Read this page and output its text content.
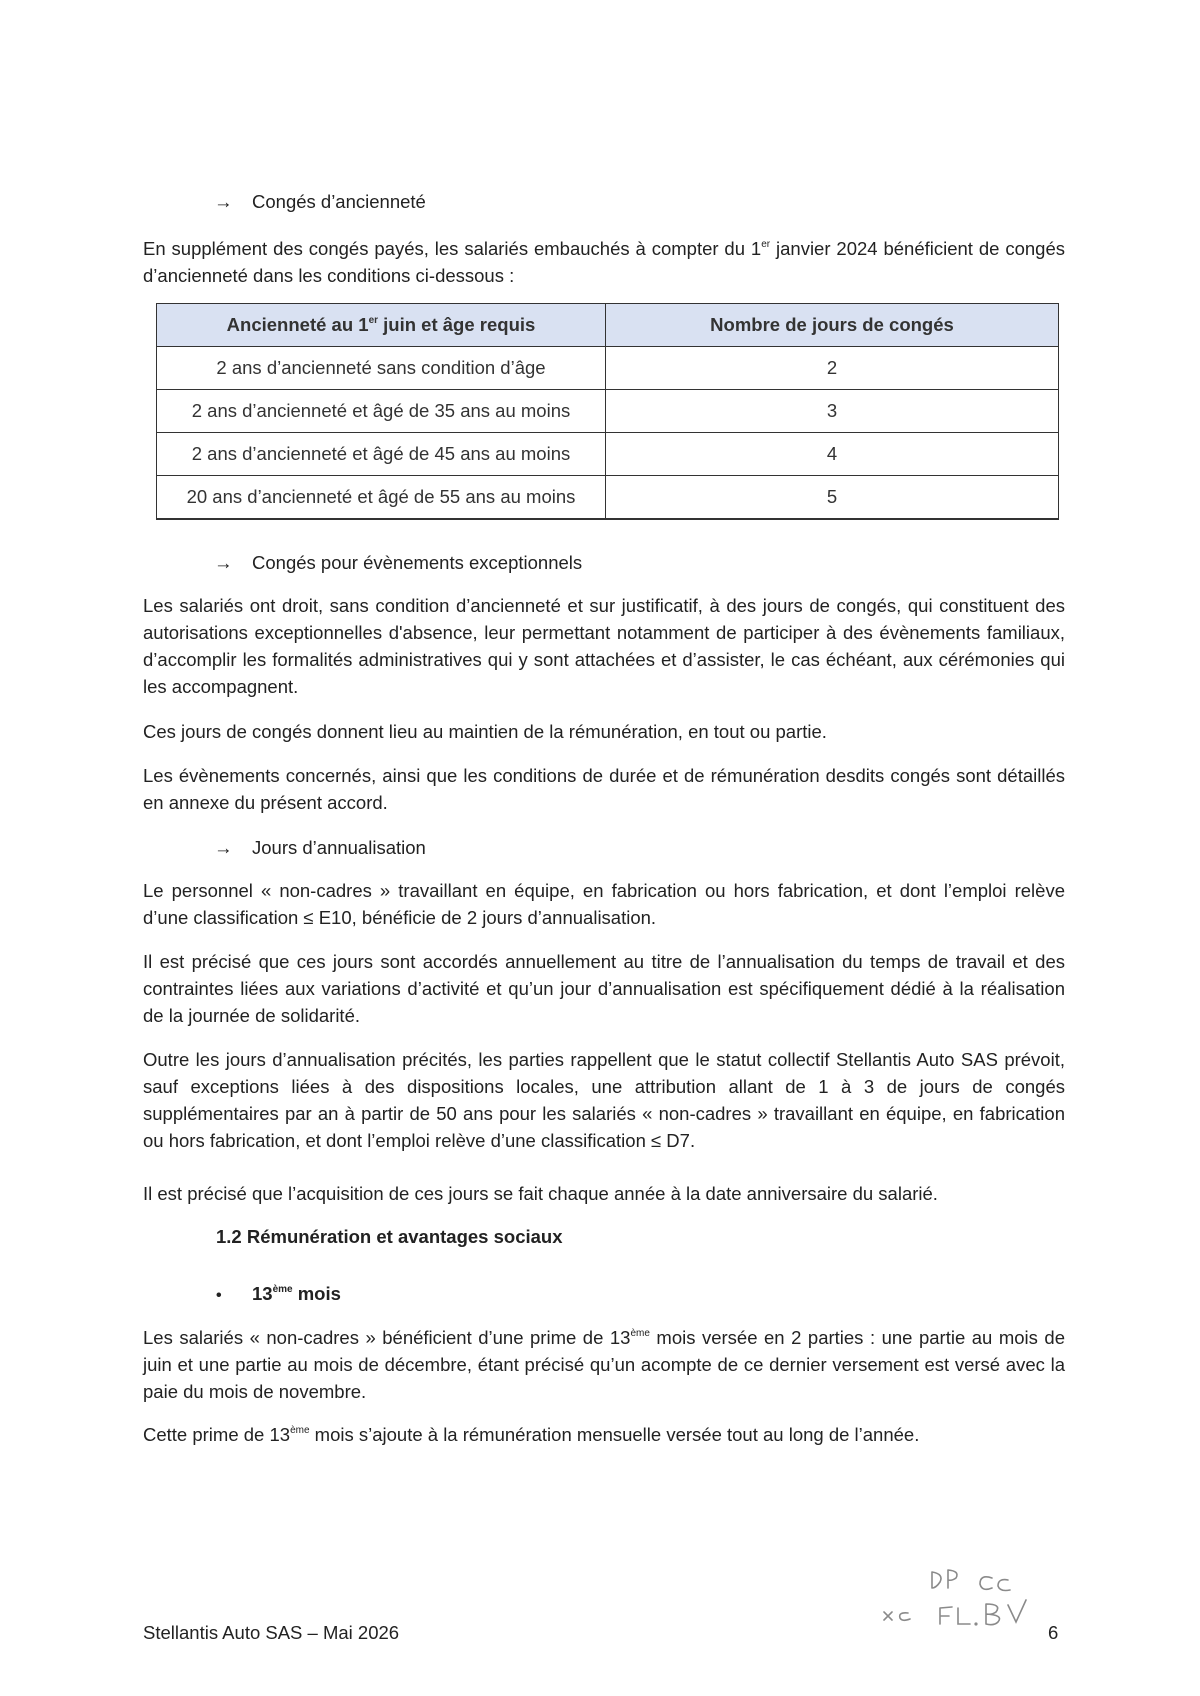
→ Congés d’ancienneté
En supplément des congés payés, les salariés embauchés à compter du 1er janvier 2024 bénéficient de congés d’ancienneté dans les conditions ci-dessous :
Ancienneté au 1er juin et âge requis	Nombre de jours de congés
2 ans d’ancienneté sans condition d’âge	2
2 ans d’ancienneté et âgé de 35 ans au moins	3
2 ans d’ancienneté et âgé de 45 ans au moins	4
20 ans d’ancienneté et âgé de 55 ans au moins	5
→ Congés pour évènements exceptionnels
Les salariés ont droit, sans condition d’ancienneté et sur justificatif, à des jours de congés, qui constituent des autorisations exceptionnelles d'absence, leur permettant notamment de participer à des évènements familiaux, d’accomplir les formalités administratives qui y sont attachées et d’assister, le cas échéant, aux cérémonies qui les accompagnent.
Ces jours de congés donnent lieu au maintien de la rémunération, en tout ou partie.
Les évènements concernés, ainsi que les conditions de durée et de rémunération desdits congés sont détaillés en annexe du présent accord.
→ Jours d’annualisation
Le personnel « non-cadres » travaillant en équipe, en fabrication ou hors fabrication, et dont l’emploi relève d’une classification ≤ E10, bénéficie de 2 jours d’annualisation.
Il est précisé que ces jours sont accordés annuellement au titre de l’annualisation du temps de travail et des contraintes liées aux variations d’activité et qu’un jour d’annualisation est spécifiquement dédié à la réalisation de la journée de solidarité.
Outre les jours d’annualisation précités, les parties rappellent que le statut collectif Stellantis Auto SAS prévoit, sauf exceptions liées à des dispositions locales, une attribution allant de 1 à 3 de jours de congés supplémentaires par an à partir de 50 ans pour les salariés « non-cadres » travaillant en équipe, en fabrication ou hors fabrication, et dont l’emploi relève d’une classification ≤ D7.
Il est précisé que l’acquisition de ces jours se fait chaque année à la date anniversaire du salarié.
1.2 Rémunération et avantages sociaux
• 13ème mois
Les salariés « non-cadres » bénéficient d’une prime de 13ème mois versée en 2 parties : une partie au mois de juin et une partie au mois de décembre, étant précisé qu’un acompte de ce dernier versement est versé avec la paie du mois de novembre.
Cette prime de 13ème mois s’ajoute à la rémunération mensuelle versée tout au long de l’année.
Stellantis Auto SAS – Mai 2026	6
